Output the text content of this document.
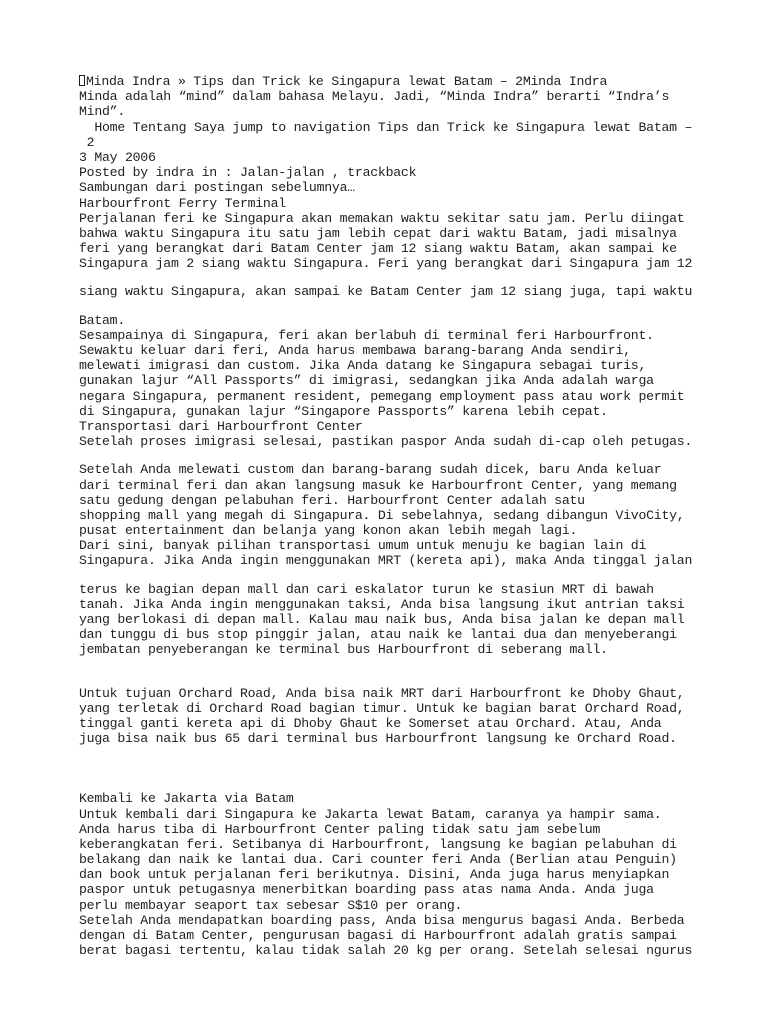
Minda Indra » Tips dan Trick ke Singapura lewat Batam – 2Minda Indra
Minda adalah “mind” dalam bahasa Melayu. Jadi, “Minda Indra” berarti “Indra’s
Mind”.
Home Tentang Saya jump to navigation Tips dan Trick ke Singapura lewat Batam –
2
3 May 2006
Posted by indra in : Jalan-jalan , trackback
Sambungan dari postingan sebelumnya…
Harbourfront Ferry Terminal
Perjalanan feri ke Singapura akan memakan waktu sekitar satu jam. Perlu diingat
bahwa waktu Singapura itu satu jam lebih cepat dari waktu Batam, jadi misalnya
feri yang berangkat dari Batam Center jam 12 siang waktu Batam, akan sampai ke
Singapura jam 2 siang waktu Singapura. Feri yang berangkat dari Singapura jam 12
siang waktu Singapura, akan sampai ke Batam Center jam 12 siang juga, tapi waktu
Batam.
Sesampainya di Singapura, feri akan berlabuh di terminal feri Harbourfront.
Sewaktu keluar dari feri, Anda harus membawa barang-barang Anda sendiri,
melewati imigrasi dan custom. Jika Anda datang ke Singapura sebagai turis,
gunakan lajur “All Passports” di imigrasi, sedangkan jika Anda adalah warga
negara Singapura, permanent resident, pemegang employment pass atau work permit
di Singapura, gunakan lajur “Singapore Passports” karena lebih cepat.
Transportasi dari Harbourfront Center
Setelah proses imigrasi selesai, pastikan paspor Anda sudah di-cap oleh petugas.
Setelah Anda melewati custom dan barang-barang sudah dicek, baru Anda keluar
dari terminal feri dan akan langsung masuk ke Harbourfront Center, yang memang
satu gedung dengan pelabuhan feri. Harbourfront Center adalah satu
shopping mall yang megah di Singapura. Di sebelahnya, sedang dibangun VivoCity,
pusat entertainment dan belanja yang konon akan lebih megah lagi.
Dari sini, banyak pilihan transportasi umum untuk menuju ke bagian lain di
Singapura. Jika Anda ingin menggunakan MRT (kereta api), maka Anda tinggal jalan
terus ke bagian depan mall dan cari eskalator turun ke stasiun MRT di bawah
tanah. Jika Anda ingin menggunakan taksi, Anda bisa langsung ikut antrian taksi
yang berlokasi di depan mall. Kalau mau naik bus, Anda bisa jalan ke depan mall
dan tunggu di bus stop pinggir jalan, atau naik ke lantai dua dan menyeberangi
jembatan penyeberangan ke terminal bus Harbourfront di seberang mall.
Untuk tujuan Orchard Road, Anda bisa naik MRT dari Harbourfront ke Dhoby Ghaut,
yang terletak di Orchard Road bagian timur. Untuk ke bagian barat Orchard Road,
tinggal ganti kereta api di Dhoby Ghaut ke Somerset atau Orchard. Atau, Anda
juga bisa naik bus 65 dari terminal bus Harbourfront langsung ke Orchard Road.
Kembali ke Jakarta via Batam
Untuk kembali dari Singapura ke Jakarta lewat Batam, caranya ya hampir sama.
Anda harus tiba di Harbourfront Center paling tidak satu jam sebelum
keberangkatan feri. Setibanya di Harbourfront, langsung ke bagian pelabuhan di
belakang dan naik ke lantai dua. Cari counter feri Anda (Berlian atau Penguin)
dan book untuk perjalanan feri berikutnya. Disini, Anda juga harus menyiapkan
paspor untuk petugasnya menerbitkan boarding pass atas nama Anda. Anda juga
perlu membayar seaport tax sebesar S$10 per orang.
Setelah Anda mendapatkan boarding pass, Anda bisa mengurus bagasi Anda. Berbeda
dengan di Batam Center, pengurusan bagasi di Harbourfront adalah gratis sampai
berat bagasi tertentu, kalau tidak salah 20 kg per orang. Setelah selesai ngurus
